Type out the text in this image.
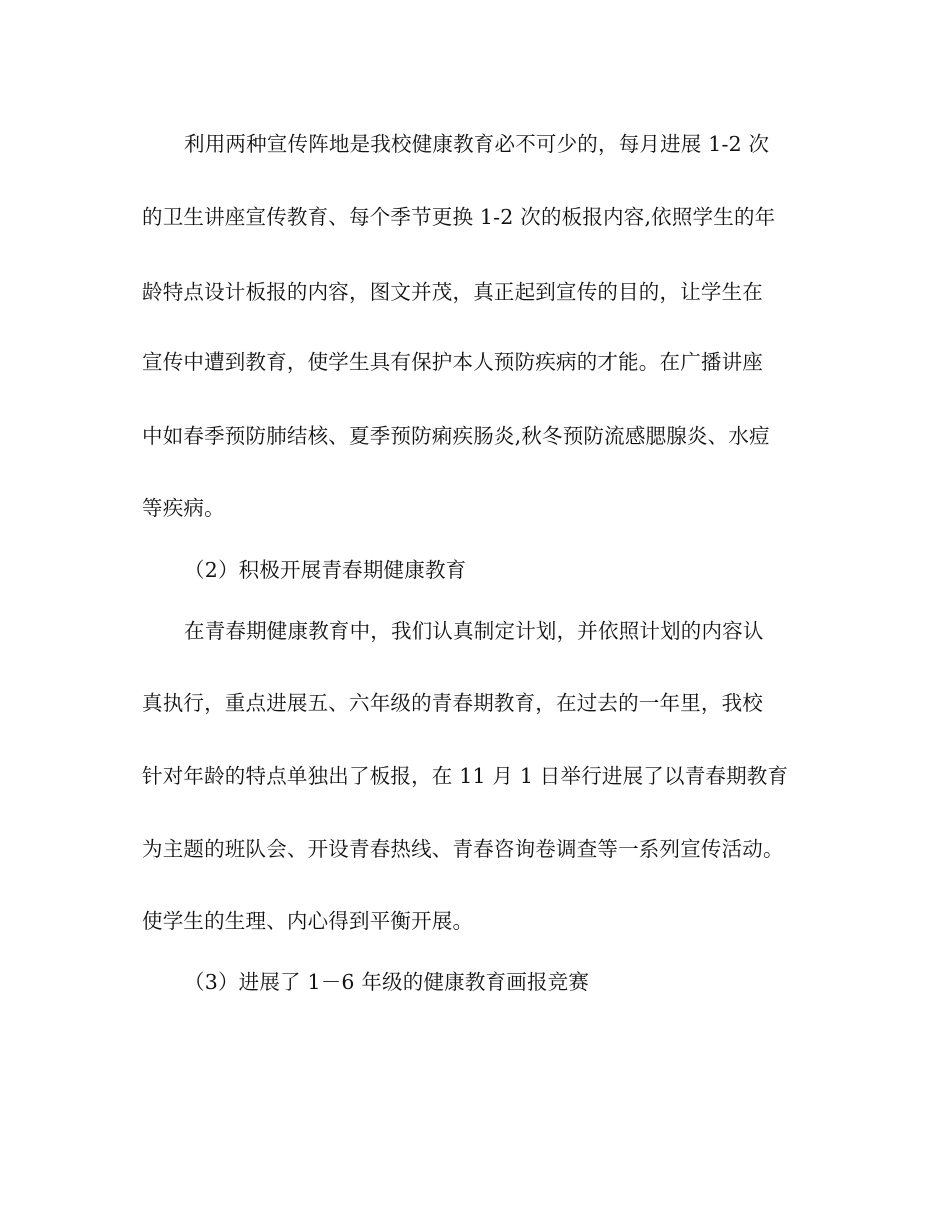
利用两种宣传阵地是我校健康教育必不可少的，每月进展 1-2 次
的卫生讲座宣传教育、每个季节更换 1-2 次的板报内容,依照学生的年
龄特点设计板报的内容，图文并茂，真正起到宣传的目的，让学生在
宣传中遭到教育，使学生具有保护本人预防疾病的才能。在广播讲座
中如春季预防肺结核、夏季预防痢疾肠炎,秋冬预防流感腮腺炎、水痘
等疾病。
（2）积极开展青春期健康教育
在青春期健康教育中，我们认真制定计划，并依照计划的内容认
真执行，重点进展五、六年级的青春期教育，在过去的一年里，我校
针对年龄的特点单独出了板报，在 11 月 1 日举行进展了以青春期教育
为主题的班队会、开设青春热线、青春咨询卷调查等一系列宣传活动。
使学生的生理、内心得到平衡开展。
（3）进展了 1－6 年级的健康教育画报竞赛
